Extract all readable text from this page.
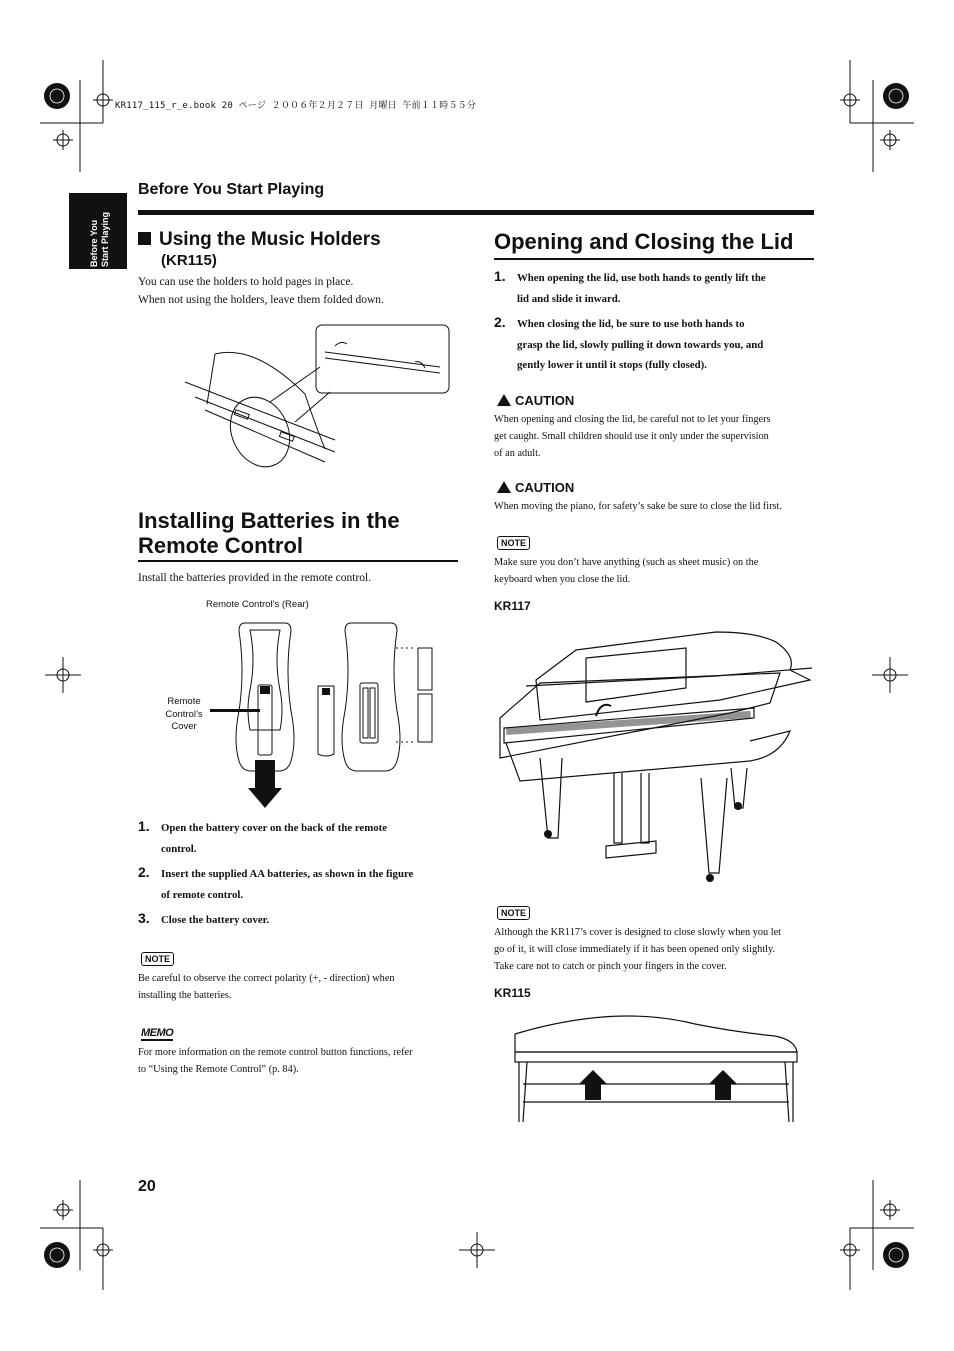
KR117_115_r_e.book 20 ページ ２００６年２月２７日 月曜日 午前１１時５５分
Before You Start Playing
Before You Start Playing	Using the Music Holders
(KR115)
You can use the holders to hold pages in place.
When not using the holders, leave them folded down.
Installing Batteries in the
Remote Control
Install the batteries provided in the remote control.
Remote Control’s (Rear)
Remote
Control’s
Cover
1. Open the battery cover on the back of the remote
control.
2. Insert the supplied AA batteries, as shown in the figure
of remote control.
3. Close the battery cover.
NOTE
Be careful to observe the correct polarity (+, - direction) when
installing the batteries.
MEMO
For more information on the remote control button functions, refer
to “Using the Remote Control” (p. 84).
Opening and Closing the Lid
1. When opening the lid, use both hands to gently lift the
lid and slide it inward.
2. When closing the lid, be sure to use both hands to
grasp the lid, slowly pulling it down towards you, and
gently lower it until it stops (fully closed).
CAUTION
When opening and closing the lid, be careful not to let your fingers
get caught. Small children should use it only under the supervision
of an adult.
CAUTION
When moving the piano, for safety’s sake be sure to close the lid first.
NOTE
Make sure you don’t have anything (such as sheet music) on the
keyboard when you close the lid.
KR117
NOTE
Although the KR117’s cover is designed to close slowly when you let
go of it, it will close immediately if it has been opened only slightly.
Take care not to catch or pinch your fingers in the cover.
KR115
20
